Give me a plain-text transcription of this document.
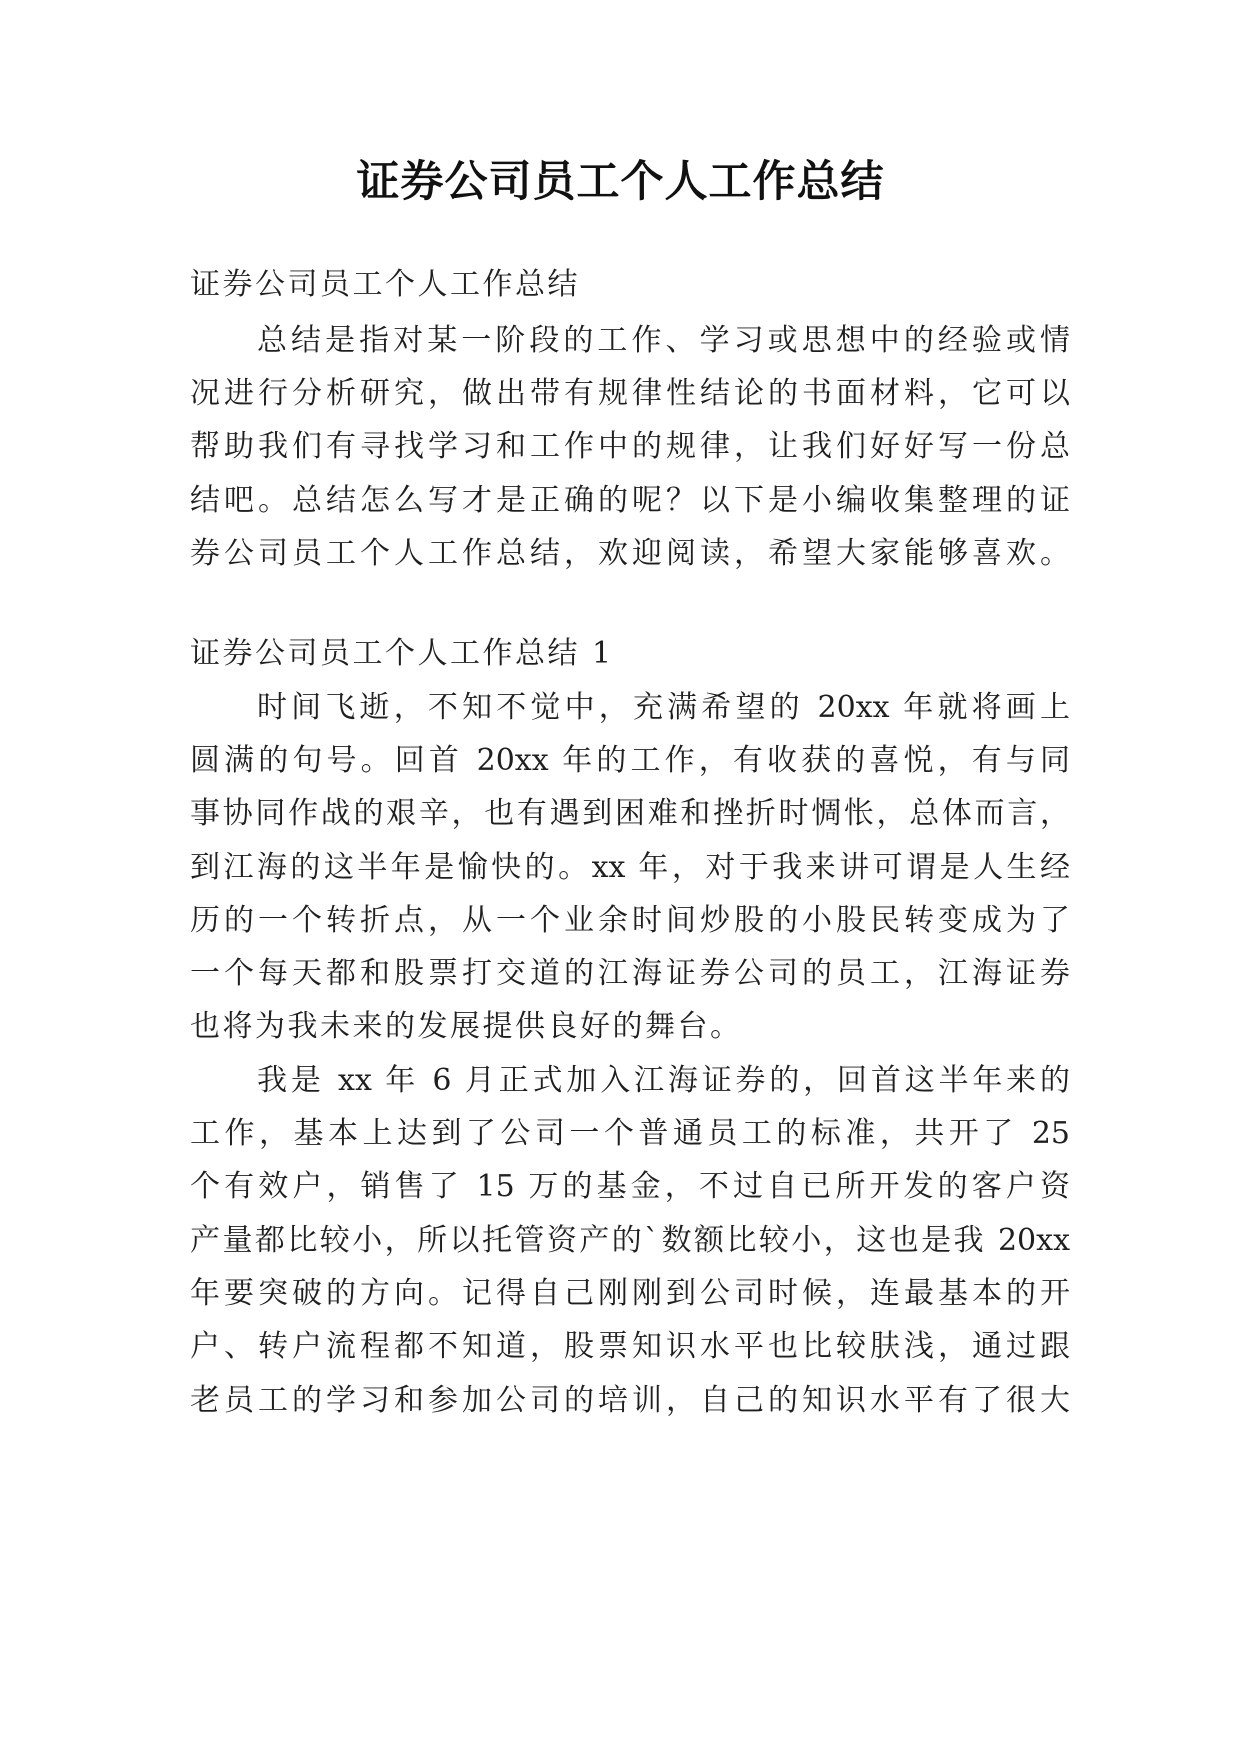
证券公司员工个人工作总结
证券公司员工个人工作总结
总结是指对某一阶段的工作、学习或思想中的经验或情
况进行分析研究，做出带有规律性结论的书面材料，它可以
帮助我们有寻找学习和工作中的规律，让我们好好写一份总
结吧。总结怎么写才是正确的呢？以下是小编收集整理的证
券公司员工个人工作总结，欢迎阅读，希望大家能够喜欢。
证券公司员工个人工作总结 1
时间飞逝，不知不觉中，充满希望的 20xx 年就将画上
圆满的句号。回首 20xx 年的工作，有收获的喜悦，有与同
事协同作战的艰辛，也有遇到困难和挫折时惆怅，总体而言，
到江海的这半年是愉快的。xx 年，对于我来讲可谓是人生经
历的一个转折点，从一个业余时间炒股的小股民转变成为了
一个每天都和股票打交道的江海证券公司的员工，江海证券
也将为我未来的发展提供良好的舞台。
我是 xx 年 6 月正式加入江海证券的，回首这半年来的
工作，基本上达到了公司一个普通员工的标准，共开了 25
个有效户，销售了 15 万的基金，不过自已所开发的客户资
产量都比较小，所以托管资产的`数额比较小，这也是我 20xx
年要突破的方向。记得自己刚刚到公司时候，连最基本的开
户、转户流程都不知道，股票知识水平也比较肤浅，通过跟
老员工的学习和参加公司的培训，自己的知识水平有了很大
